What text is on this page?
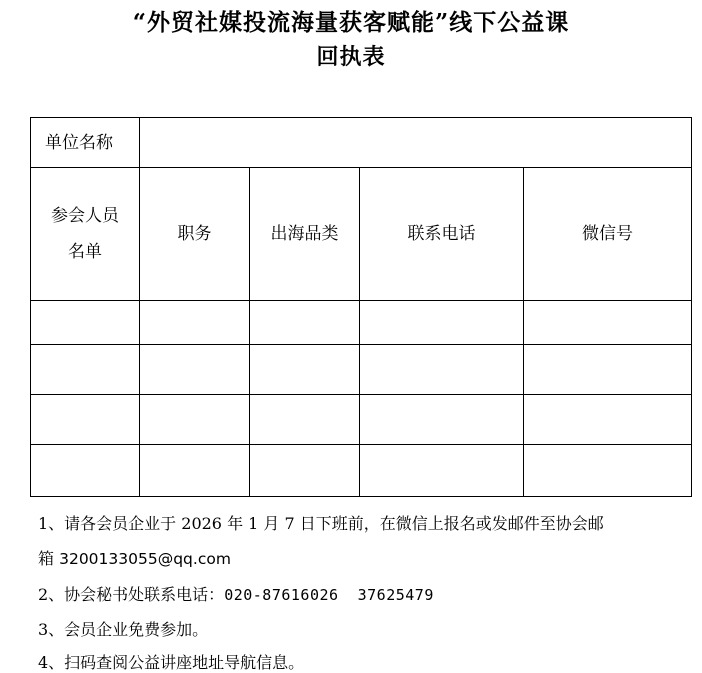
“外贸社媒投流海量获客赋能”线下公益课
回执表
单位名称				

参会人员
名单	职务	出海品类	联系电话	微信号

1、请各会员企业于 2026 年 1 月 7 日下班前，在微信上报名或发邮件至协会邮
箱 3200133055@qq.com
2、协会秘书处联系电话：020-87616026  37625479
3、会员企业免费参加。
4、扫码查阅公益讲座地址导航信息。
